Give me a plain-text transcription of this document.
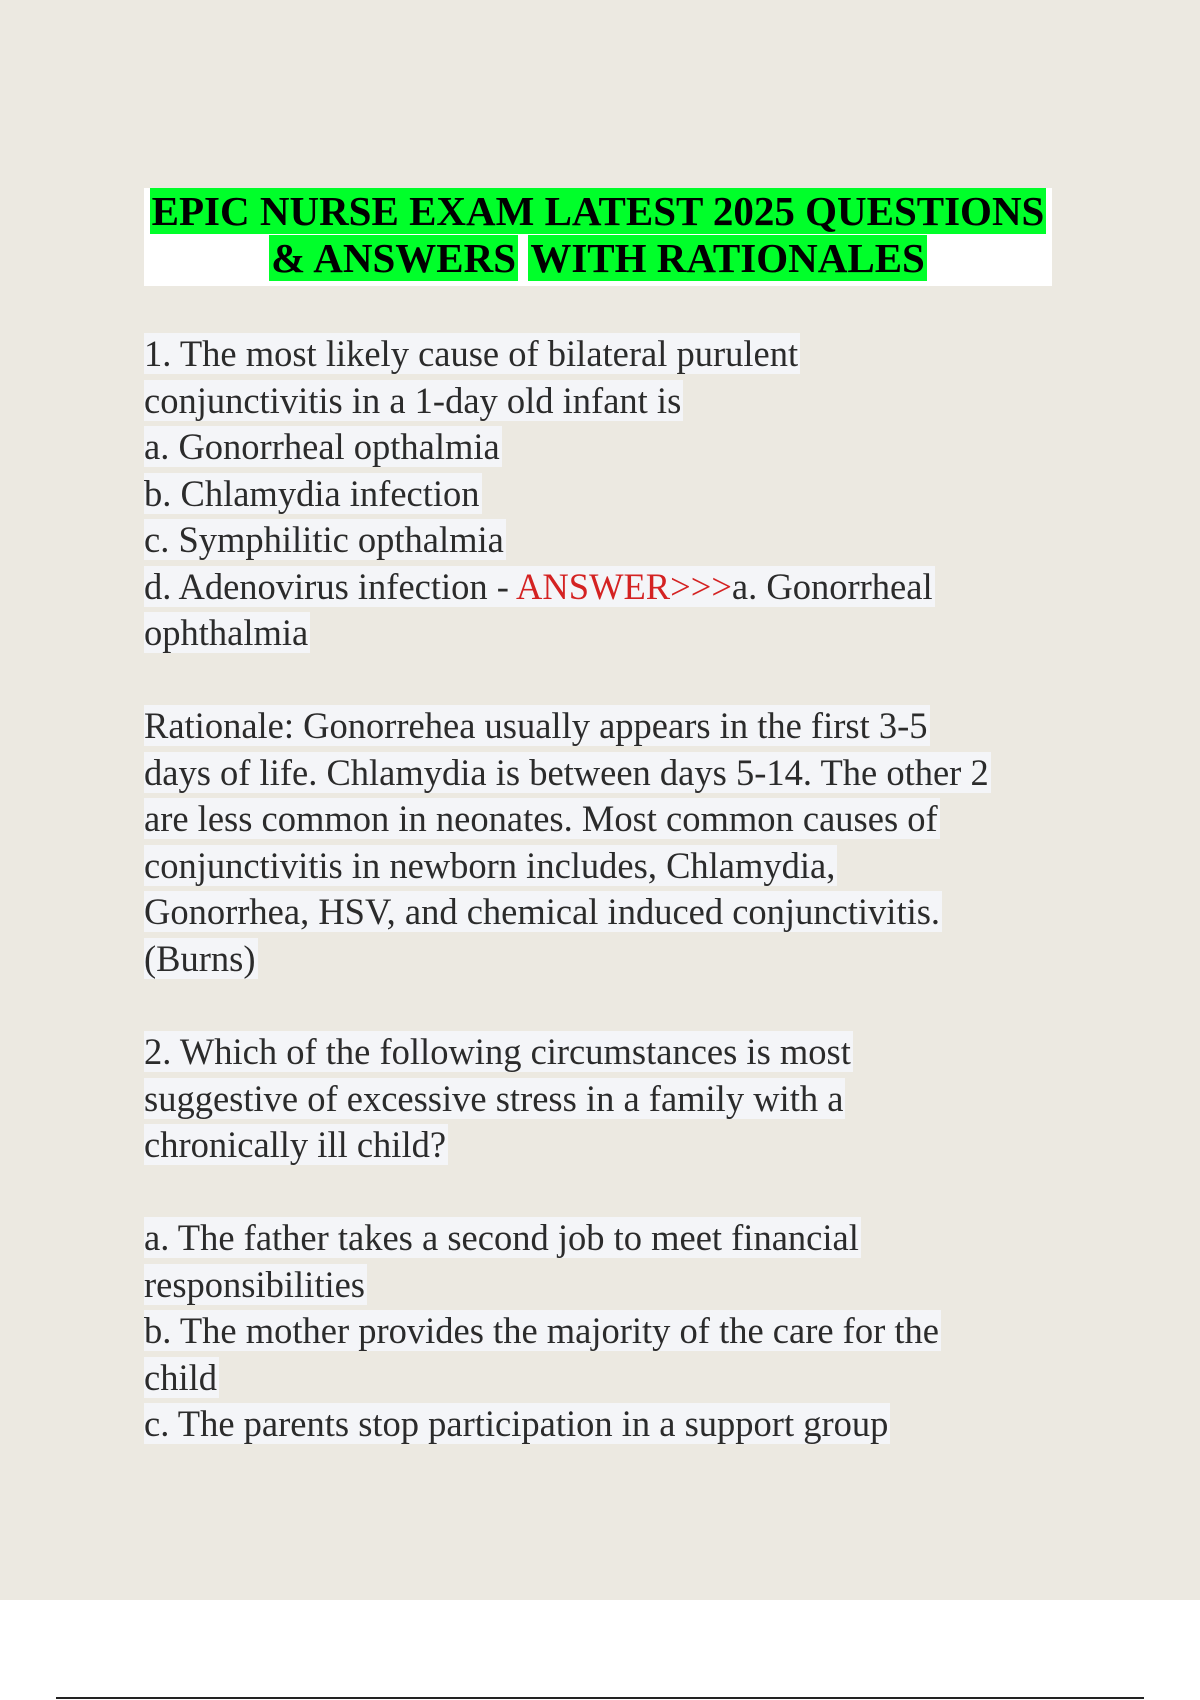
EPIC NURSE EXAM LATEST 2025 QUESTIONS
& ANSWERS WITH RATIONALES
1. The most likely cause of bilateral purulent
conjunctivitis in a 1-day old infant is
a. Gonorrheal opthalmia
b. Chlamydia infection
c. Symphilitic opthalmia
d. Adenovirus infection - ANSWER>>>a. Gonorrheal
ophthalmia
Rationale: Gonorrehea usually appears in the first 3-5
days of life. Chlamydia is between days 5-14. The other 2
are less common in neonates. Most common causes of
conjunctivitis in newborn includes, Chlamydia,
Gonorrhea, HSV, and chemical induced conjunctivitis.
(Burns)
2. Which of the following circumstances is most
suggestive of excessive stress in a family with a
chronically ill child?
a. The father takes a second job to meet financial
responsibilities
b. The mother provides the majority of the care for the
child
c. The parents stop participation in a support group
